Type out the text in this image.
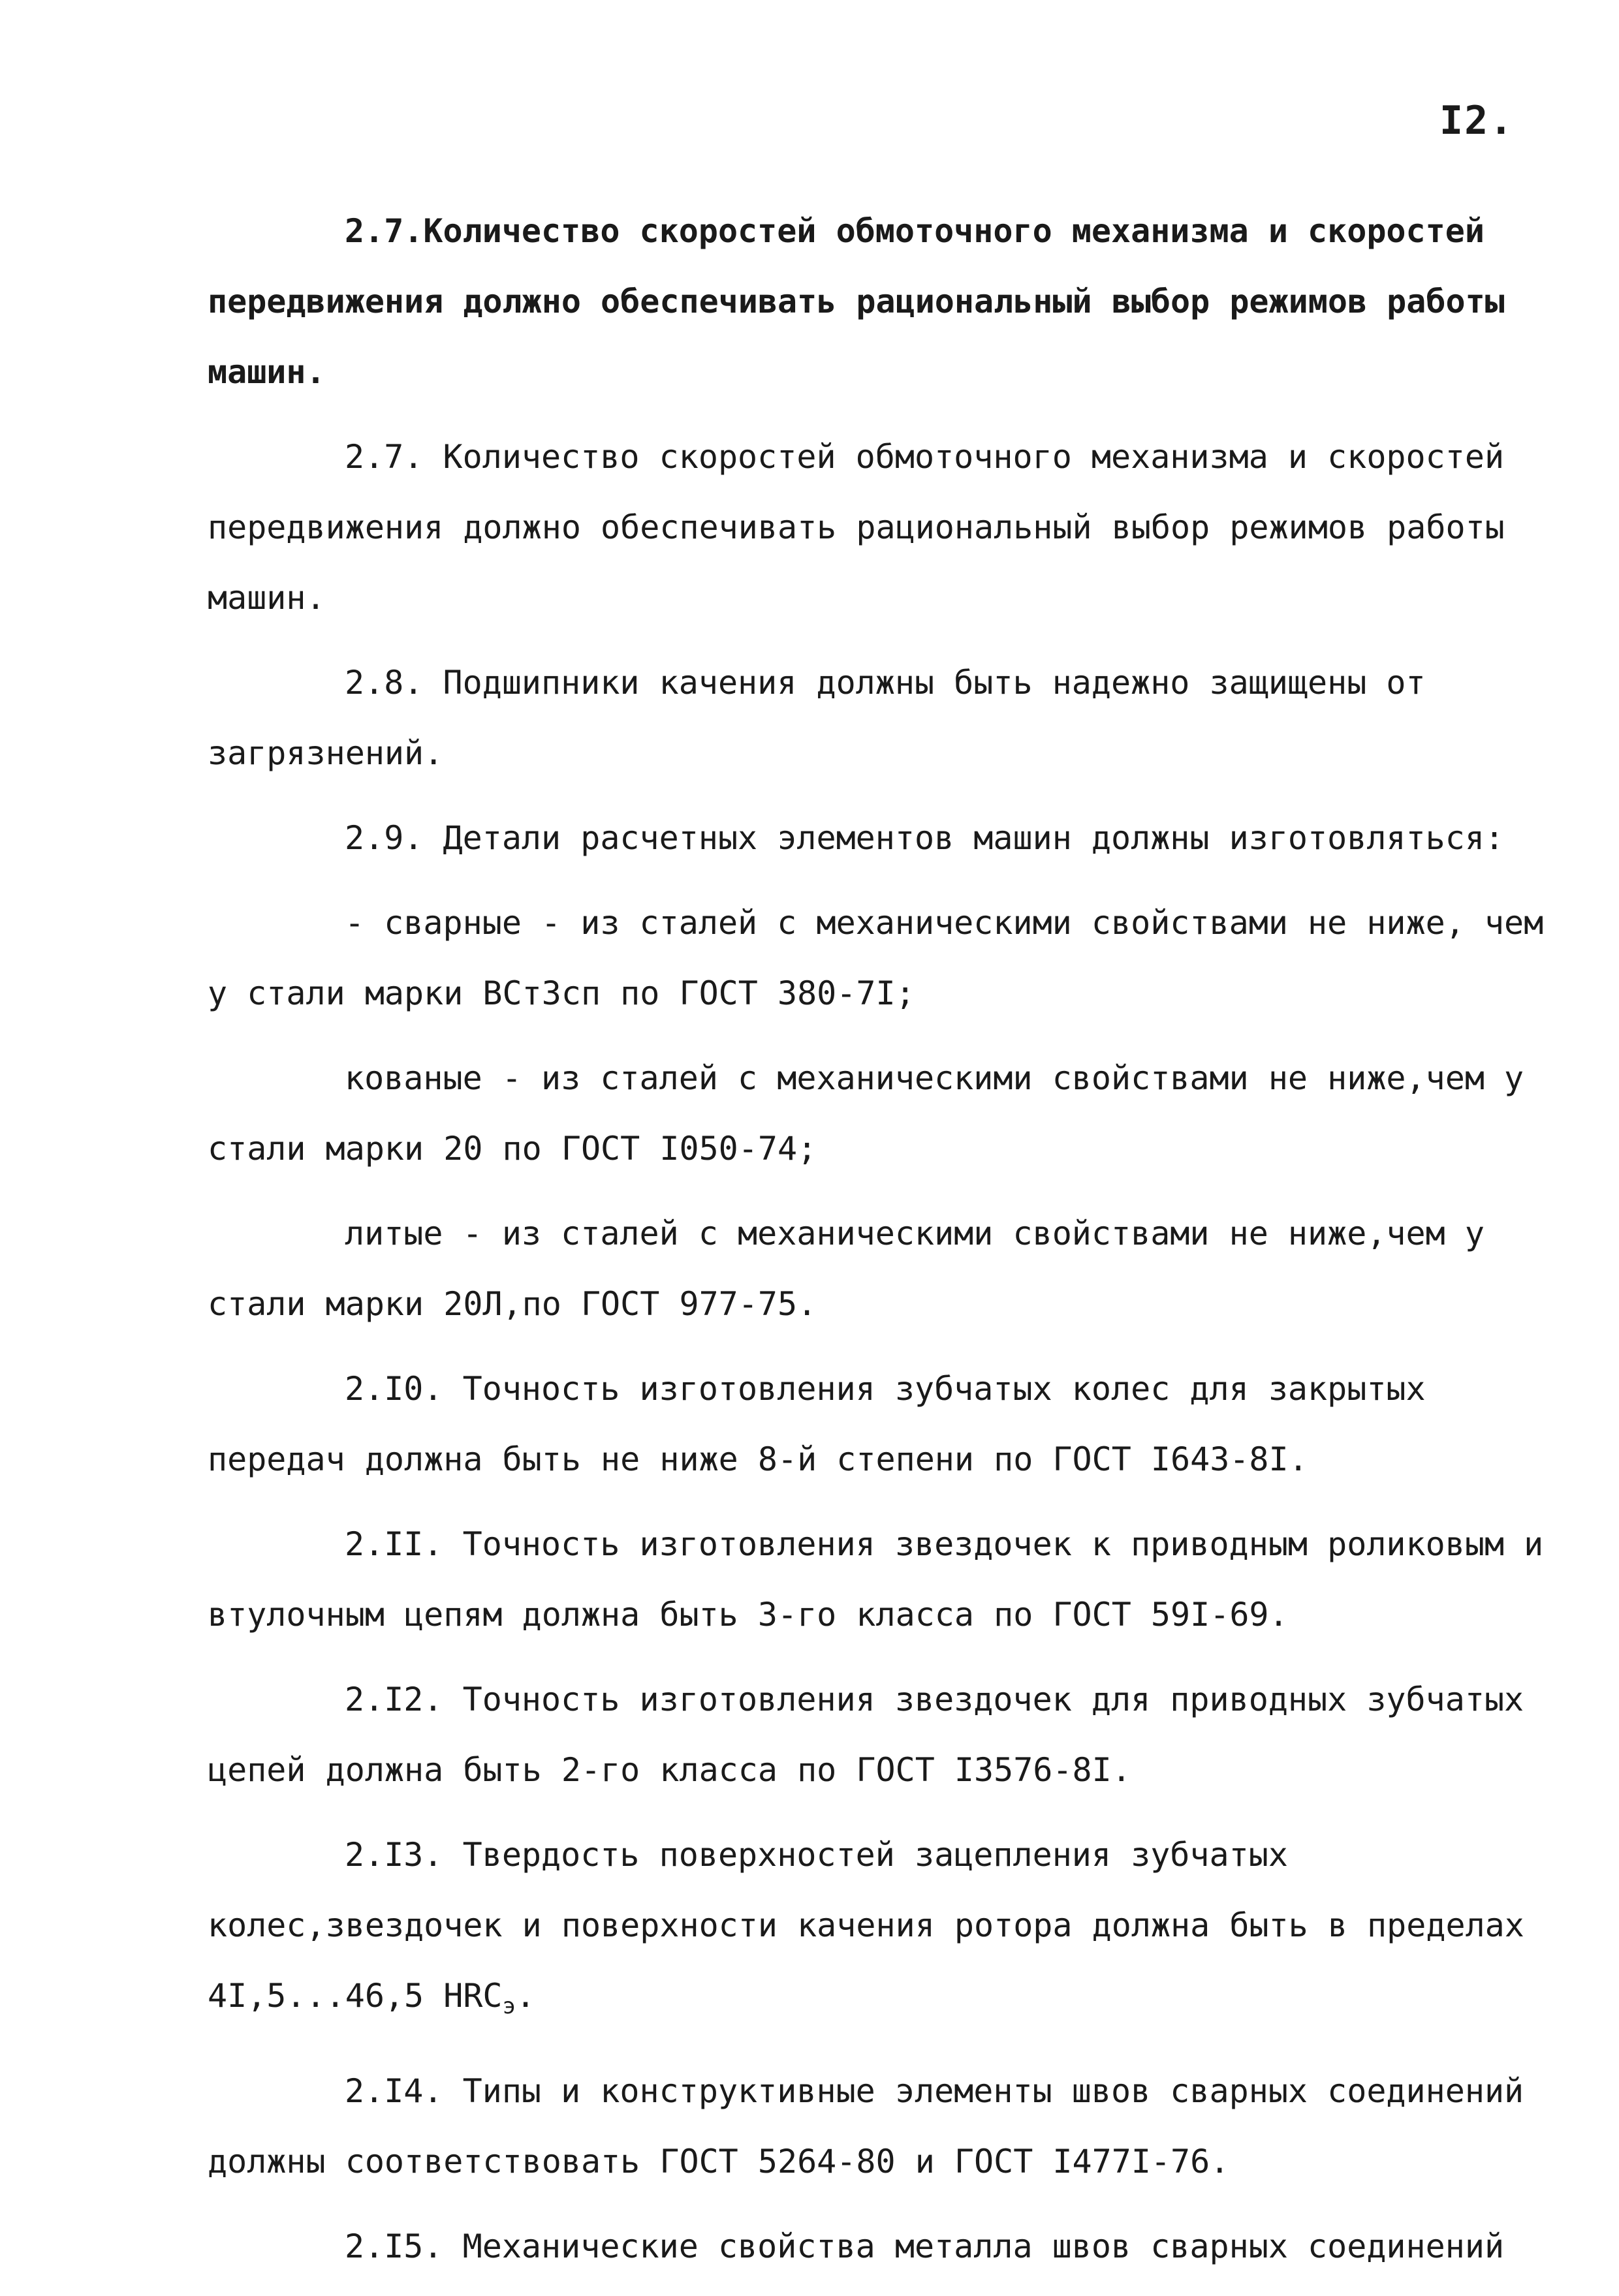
I2.

2.7.Количество скоростей обмоточного механизма и скоростей передвижения должно обеспечивать рациональный выбор режимов работы машин.

2.7. Количество скоростей обмоточного механизма и скоростей передвижения должно обеспечивать рациональный выбор режимов работы машин.

2.8. Подшипники качения должны быть надежно защищены от загрязнений.

2.9. Детали расчетных элементов машин должны изготовляться:

- сварные - из сталей с механическими свойствами не ниже, чем у стали марки ВСт3сп по ГОСТ 380-7I;

кованые - из сталей с механическими свойствами не ниже,чем у стали марки 20 по ГОСТ I050-74;

литые - из сталей с механическими свойствами не ниже,чем у стали марки 20Л,по ГОСТ 977-75.

2.I0. Точность изготовления зубчатых колес для закрытых передач должна быть не ниже 8-й степени по ГОСТ I643-8I.

2.II. Точность изготовления звездочек к приводным роликовым и втулочным цепям должна быть 3-го класса по ГОСТ 59I-69.

2.I2. Точность изготовления звездочек для приводных зубчатых цепей должна быть 2-го класса по ГОСТ I3576-8I.

2.I3. Твердость поверхностей зацепления зубчатых колес,звездочек и поверхности качения ротора должна быть в пределах 4I,5...46,5 $HRC_э$.

2.I4. Типы и конструктивные элементы швов сварных соединений должны соответствовать ГОСТ 5264-80 и ГОСТ I477I-76.

2.I5. Механические свойства металла швов сварных соединений
